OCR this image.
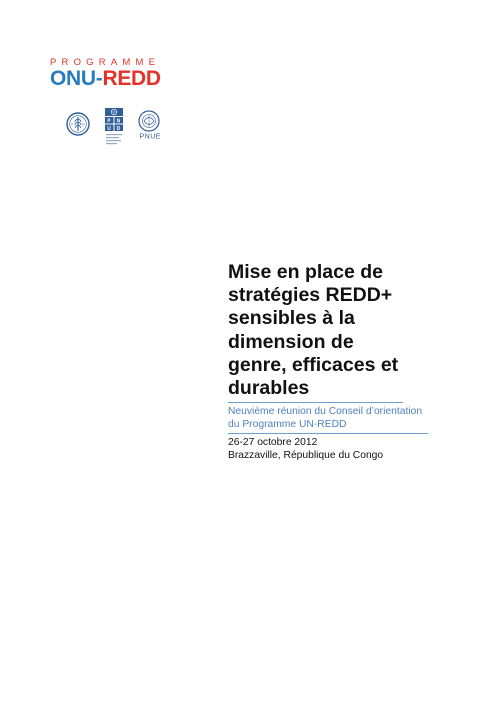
PROGRAMME
ONU-REDD
F	O	P N
U D
PNUE
Mise en place de stratégies REDD+ sensibles à la dimension de genre, efficaces et durables
Neuvième réunion du Conseil d’orientation du Programme UN-REDD
26-27 octobre 2012
Brazzaville, République du Congo
